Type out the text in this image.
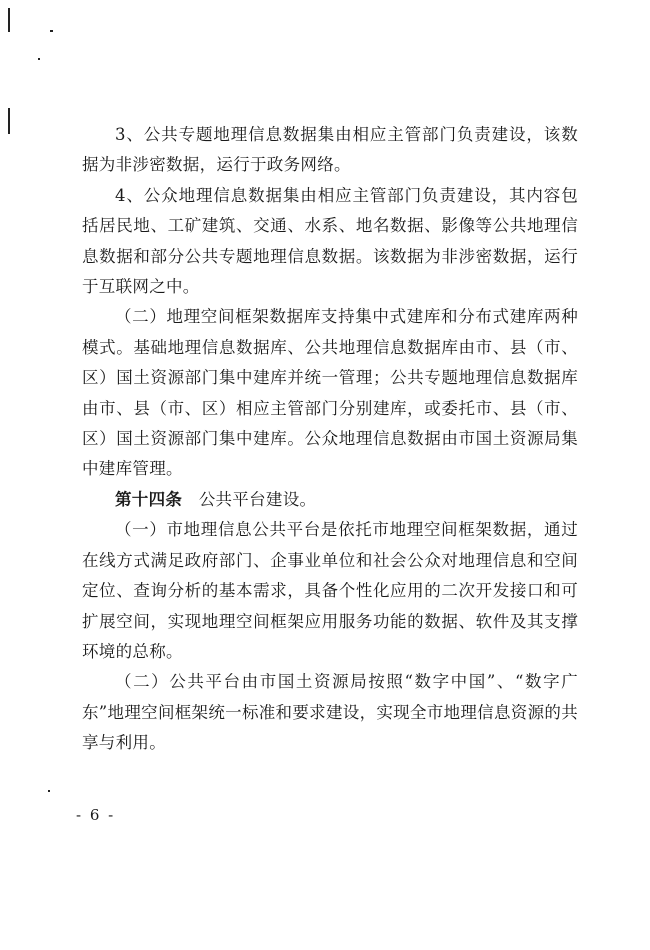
3、公共专题地理信息数据集由相应主管部门负责建设，该数据为非涉密数据，运行于政务网络。

4、公众地理信息数据集由相应主管部门负责建设，其内容包括居民地、工矿建筑、交通、水系、地名数据、影像等公共地理信息数据和部分公共专题地理信息数据。该数据为非涉密数据，运行于互联网之中。

（二）地理空间框架数据库支持集中式建库和分布式建库两种模式。基础地理信息数据库、公共地理信息数据库由市、县（市、区）国土资源部门集中建库并统一管理；公共专题地理信息数据库由市、县（市、区）相应主管部门分别建库，或委托市、县（市、区）国土资源部门集中建库。公众地理信息数据由市国土资源局集中建库管理。

第十四条 公共平台建设。

（一）市地理信息公共平台是依托市地理空间框架数据，通过在线方式满足政府部门、企事业单位和社会公众对地理信息和空间定位、查询分析的基本需求，具备个性化应用的二次开发接口和可扩展空间，实现地理空间框架应用服务功能的数据、软件及其支撑环境的总称。

（二）公共平台由市国土资源局按照“数字中国”、“数字广东”地理空间框架统一标准和要求建设，实现全市地理信息资源的共享与利用。

- 6 -
